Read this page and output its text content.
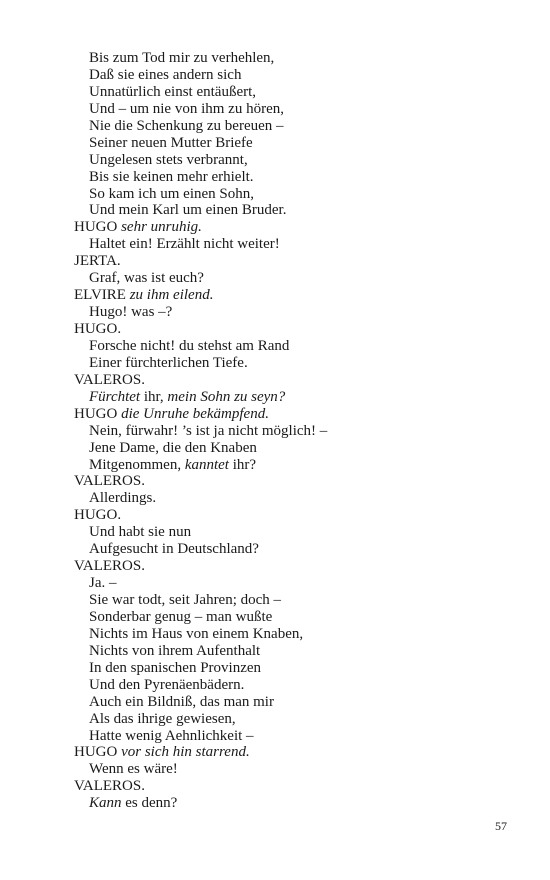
Bis zum Tod mir zu verhehlen,
Daß sie eines andern sich
Unnatürlich einst entäußert,
Und – um nie von ihm zu hören,
Nie die Schenkung zu bereuen –
Seiner neuen Mutter Briefe
Ungelesen stets verbrannt,
Bis sie keinen mehr erhielt.
So kam ich um einen Sohn,
Und mein Karl um einen Bruder.
HUGO sehr unruhig.
Haltet ein! Erzählt nicht weiter!
JERTA.
Graf, was ist euch?
ELVIRE zu ihm eilend.
Hugo! was –?
HUGO.
Forsche nicht! du stehst am Rand
Einer fürchterlichen Tiefe.
VALEROS.
Fürchtet ihr, mein Sohn zu seyn?
HUGO die Unruhe bekämpfend.
Nein, fürwahr! ’s ist ja nicht möglich! –
Jene Dame, die den Knaben
Mitgenommen, kanntet ihr?
VALEROS.
Allerdings.
HUGO.
Und habt sie nun
Aufgesucht in Deutschland?
VALEROS.
Ja. –
Sie war todt, seit Jahren; doch –
Sonderbar genug – man wußte
Nichts im Haus von einem Knaben,
Nichts von ihrem Aufenthalt
In den spanischen Provinzen
Und den Pyrenäenbädern.
Auch ein Bildniß, das man mir
Als das ihrige gewiesen,
Hatte wenig Aehnlichkeit –
HUGO vor sich hin starrend.
Wenn es wäre!
VALEROS.
Kann es denn?
57
